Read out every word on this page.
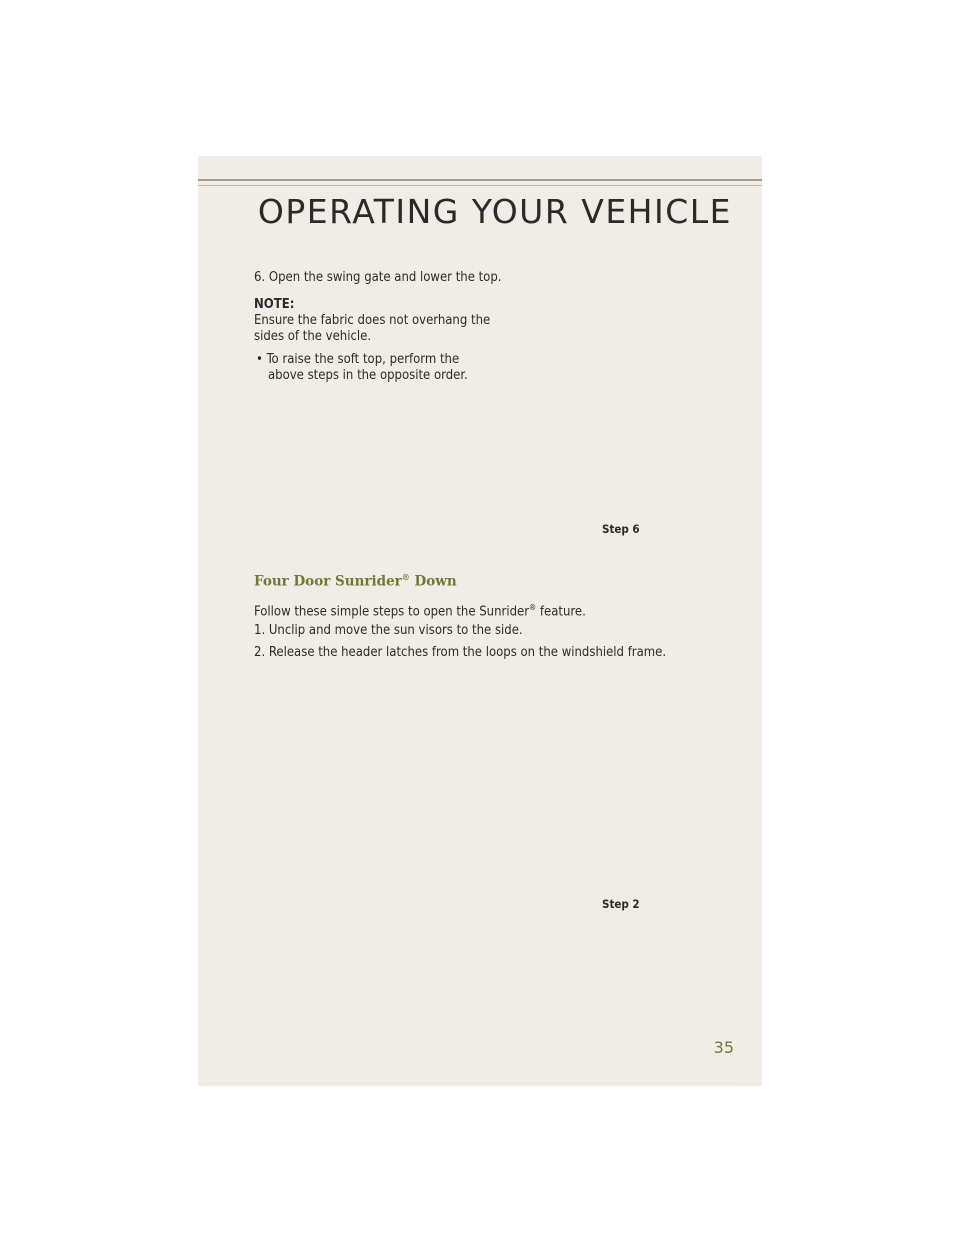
OPERATING YOUR VEHICLE
6. Open the swing gate and lower the top.
NOTE:
Ensure the fabric does not overhang the
sides of the vehicle.
• To raise the soft top, perform the
above steps in the opposite order.
Step 6
Four Door Sunrider® Down
Follow these simple steps to open the Sunrider® feature.
1. Unclip and move the sun visors to the side.
2. Release the header latches from the loops on the windshield frame.
Step 2
35
